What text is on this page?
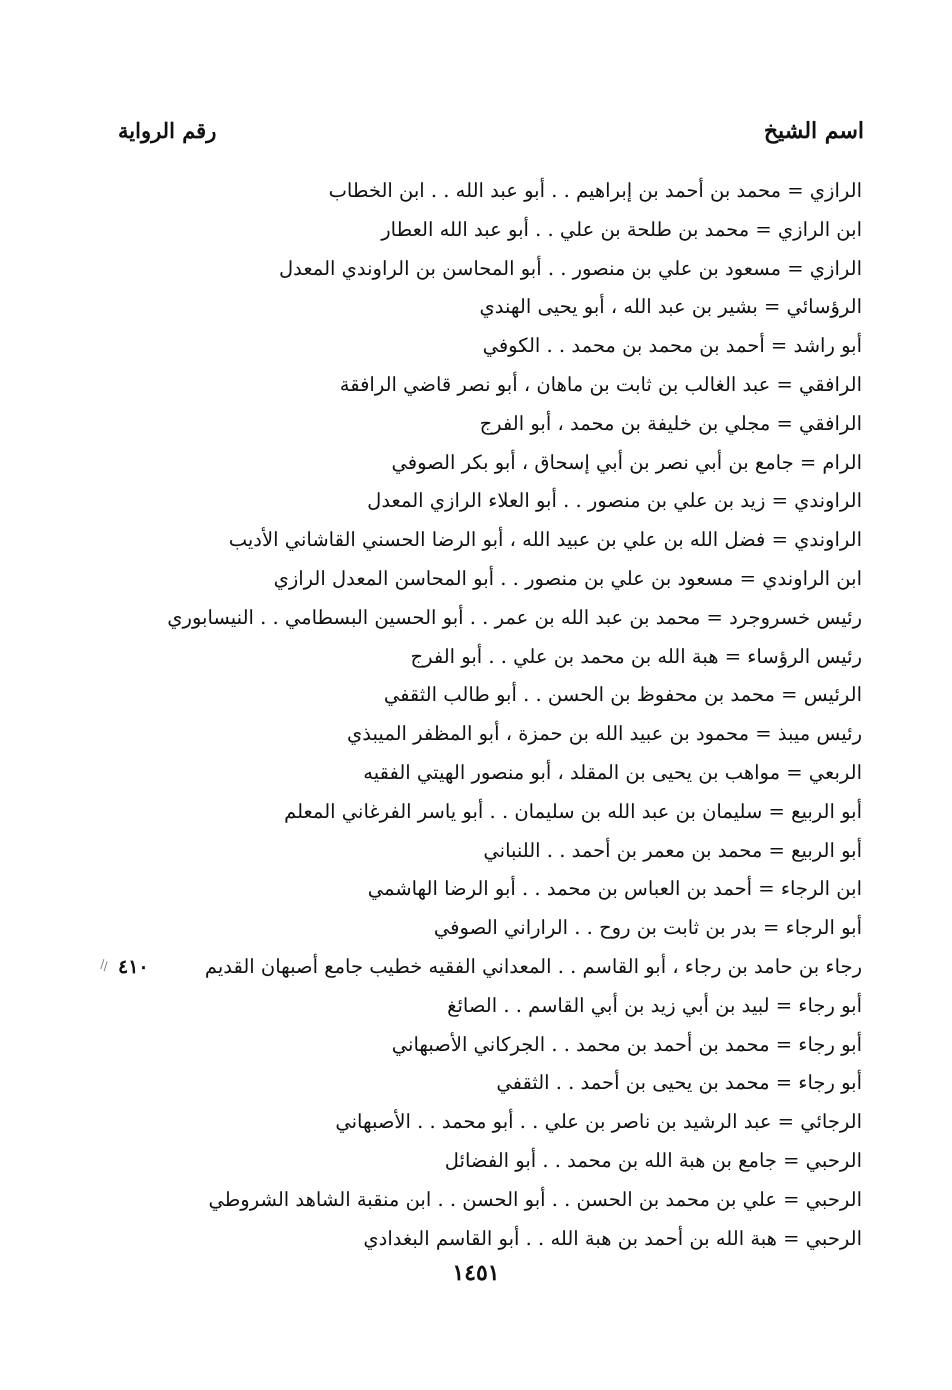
اسم الشيخ
رقم الرواية
الرازي = محمد بن أحمد بن إبراهيم . . أبو عبد الله . . ابن الخطاب
ابن الرازي = محمد بن طلحة بن علي . . أبو عبد الله العطار
الرازي = مسعود بن علي بن منصور . . أبو المحاسن بن الراوندي المعدل
الرؤسائي = بشير بن عبد الله ، أبو يحيى الهندي
أبو راشد = أحمد بن محمد بن محمد . . الكوفي
الرافقي = عبد الغالب بن ثابت بن ماهان ، أبو نصر قاضي الرافقة
الرافقي = مجلي بن خليفة بن محمد ، أبو الفرج
الرام = جامع بن أبي نصر بن أبي إسحاق ، أبو بكر الصوفي
الراوندي = زيد بن علي بن منصور . . أبو العلاء الرازي المعدل
الراوندي = فضل الله بن علي بن عبيد الله ، أبو الرضا الحسني القاشاني الأديب
ابن الراوندي = مسعود بن علي بن منصور . . أبو المحاسن المعدل الرازي
رئيس خسروجرد = محمد بن عبد الله بن عمر . . أبو الحسين البسطامي . . النيسابوري
رئيس الرؤساء = هبة الله بن محمد بن علي . . أبو الفرج
الرئيس = محمد بن محفوظ بن الحسن . . أبو طالب الثقفي
رئيس ميبذ = محمود بن عبيد الله بن حمزة ، أبو المظفر الميبذي
الربعي = مواهب بن يحيى بن المقلد ، أبو منصور الهيتي الفقيه
أبو الربيع = سليمان بن عبد الله بن سليمان . . أبو ياسر الفرغاني المعلم
أبو الربيع = محمد بن معمر بن أحمد . . اللنباني
ابن الرجاء = أحمد بن العباس بن محمد . . أبو الرضا الهاشمي
أبو الرجاء = بدر بن ثابت بن روح . . الراراني الصوفي
رجاء بن حامد بن رجاء ، أبو القاسم . . المعداني الفقيه خطيب جامع أصبهان القديم
٤١٠
أبو رجاء = لبيد بن أبي زيد بن أبي القاسم . . الصائغ
أبو رجاء = محمد بن أحمد بن محمد . . الجركاني الأصبهاني
أبو رجاء = محمد بن يحيى بن أحمد . . الثقفي
الرجائي = عبد الرشيد بن ناصر بن علي . . أبو محمد . . الأصبهاني
الرحبي = جامع بن هبة الله بن محمد . . أبو الفضائل
الرحبي = علي بن محمد بن الحسن . . أبو الحسن . . ابن منقبة الشاهد الشروطي
الرحبي = هبة الله بن أحمد بن هبة الله . . أبو القاسم البغدادي
\\
١٤٥١
